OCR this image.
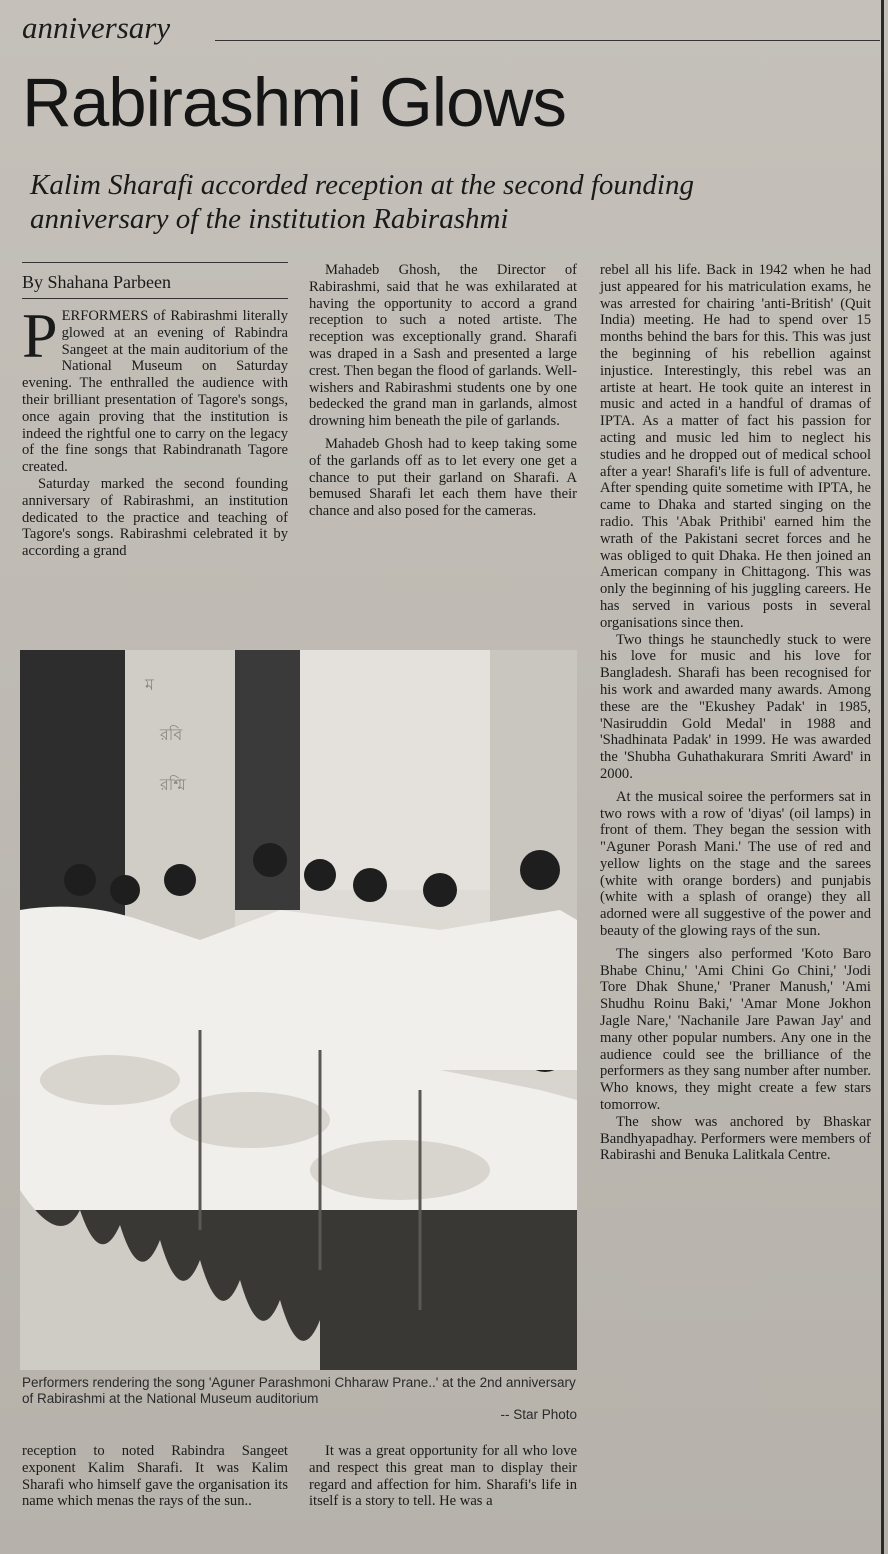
anniversary
Rabirashmi Glows
Kalim Sharafi accorded reception at the second founding anniversary of the institution Rabirashmi
By Shahana Parbeen

PERFORMERS of Rabirashmi literally glowed at an evening of Rabindra Sangeet at the main auditorium of the National Museum on Saturday evening. The enthralled the audience with their brilliant presentation of Tagore's songs, once again proving that the institution is indeed the rightful one to carry on the legacy of the fine songs that Rabindranath Tagore created.

Saturday marked the second founding anniversary of Rabirashmi, an institution dedicated to the practice and teaching of Tagore's songs. Rabirashmi celebrated it by according a grand

Mahadeb Ghosh, the Director of Rabirashmi, said that he was exhilarated at having the opportunity to accord a grand reception to such a noted artiste. The reception was exceptionally grand. Sharafi was draped in a Sash and presented a large crest. Then began the flood of garlands. Well-wishers and Rabirashmi students one by one bedecked the grand man in garlands, almost drowning him beneath the pile of garlands.

Mahadeb Ghosh had to keep taking some of the garlands off as to let every one get a chance to put their garland on Sharafi. A bemused Sharafi let each them have their chance and also posed for the cameras.

rebel all his life. Back in 1942 when he had just appeared for his matriculation exams, he was arrested for chairing 'anti-British' (Quit India) meeting. He had to spend over 15 months behind the bars for this. This was just the beginning of his rebellion against injustice. Interestingly, this rebel was an artiste at heart. He took quite an interest in music and acted in a handful of dramas of IPTA. As a matter of fact his passion for acting and music led him to neglect his studies and he dropped out of medical school after a year! Sharafi's life is full of adventure. After spending quite sometime with IPTA, he came to Dhaka and started singing on the radio. This 'Abak Prithibi' earned him the wrath of the Pakistani secret forces and he was obliged to quit Dhaka. He then joined an American company in Chittagong. This was only the beginning of his juggling careers. He has served in various posts in several organisations since then.

Two things he staunchedly stuck to were his love for music and his love for Bangladesh. Sharafi has been recognised for his work and awarded many awards. Among these are the "Ekushey Padak' in 1985, 'Nasiruddin Gold Medal' in 1988 and 'Shadhinata Padak' in 1999. He was awarded the 'Shubha Guhathakurara Smriti Award' in 2000.

At the musical soiree the performers sat in two rows with a row of 'diyas' (oil lamps) in front of them. They began the session with "Aguner Porash Mani.' The use of red and yellow lights on the stage and the sarees (white with orange borders) and punjabis (white with a splash of orange) they all adorned were all suggestive of the power and beauty of the glowing rays of the sun.

The singers also performed 'Koto Baro Bhabe Chinu,' 'Ami Chini Go Chini,' 'Jodi Tore Dhak Shune,' 'Praner Manush,' 'Ami Shudhu Roinu Baki,' 'Amar Mone Jokhon Jagle Nare,' 'Nachanile Jare Pawan Jay' and many other popular numbers. Any one in the audience could see the brilliance of the performers as they sang number after number. Who knows, they might create a few stars tomorrow.

The show was anchored by Bhaskar Bandhyapadhay. Performers were members of Rabirashi and Benuka Lalitkala Centre.

ম
রবি
রশ্মি
Performers rendering the song 'Aguner Parashmoni Chharaw Prane..' at the 2nd anniversary of Rabirashmi at the National Museum auditorium
-- Star Photo

reception to noted Rabindra Sangeet exponent Kalim Sharafi. It was Kalim Sharafi who himself gave the organisation its name which menas the rays of the sun..

It was a great opportunity for all who love and respect this great man to display their regard and affection for him. Sharafi's life in itself is a story to tell. He was a
